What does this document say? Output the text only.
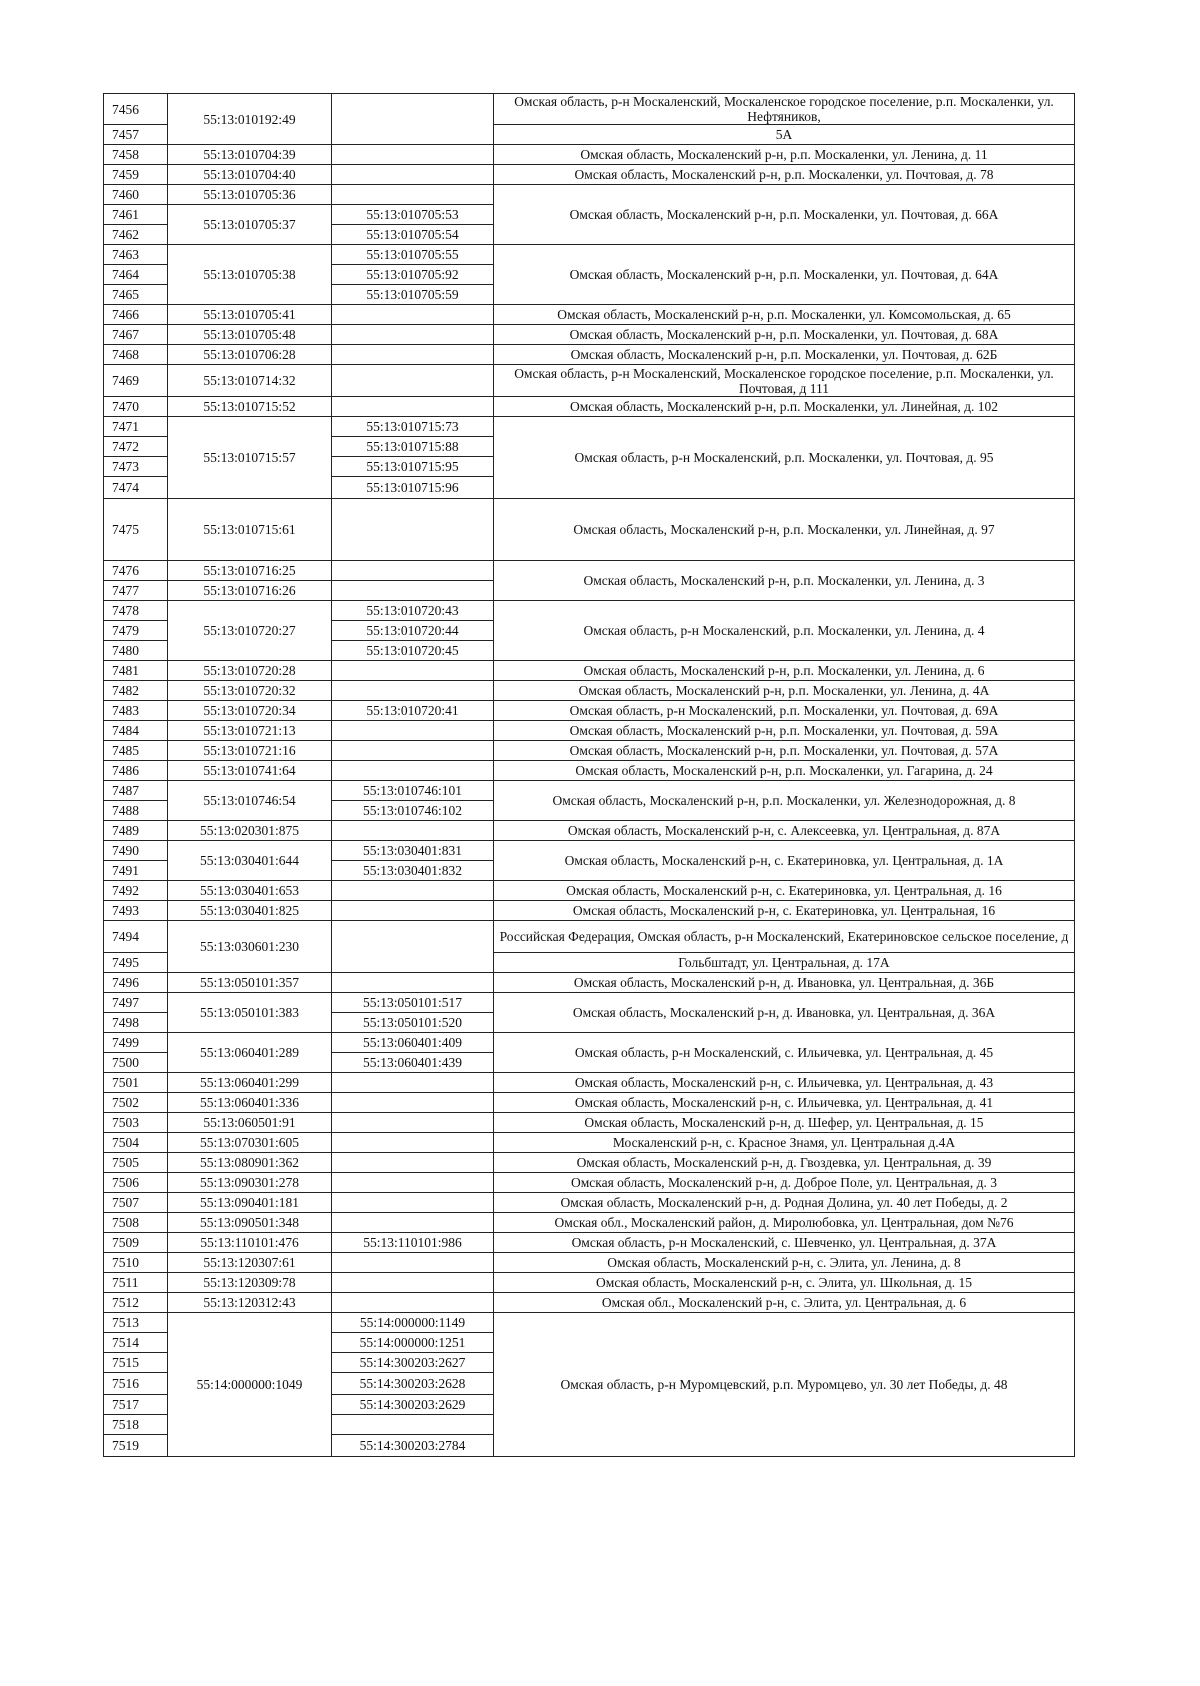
7456	55:13:010192:49		Омская область, р-н Москаленский, Москаленское городское поселение, р.п. Москаленки, ул. Нефтяников,
7457			5А
7458	55:13:010704:39		Омская область, Москаленский р-н, р.п. Москаленки, ул. Ленина, д. 11
7459	55:13:010704:40		Омская область, Москаленский р-н, р.п. Москаленки, ул. Почтовая, д. 78
7460	55:13:010705:36		Омская область, Москаленский р-н, р.п. Москаленки, ул. Почтовая, д. 66А
7461	55:13:010705:37	55:13:010705:53	
7462		55:13:010705:54	
7463	55:13:010705:38	55:13:010705:55	Омская область, Москаленский р-н, р.п. Москаленки, ул. Почтовая, д. 64А
7464		55:13:010705:92	
7465		55:13:010705:59	
7466	55:13:010705:41		Омская область, Москаленский р-н, р.п. Москаленки, ул. Комсомольская, д. 65
7467	55:13:010705:48		Омская область, Москаленский р-н, р.п. Москаленки, ул. Почтовая, д. 68А
7468	55:13:010706:28		Омская область, Москаленский р-н, р.п. Москаленки, ул. Почтовая, д. 62Б
7469	55:13:010714:32		Омская область, р-н Москаленский, Москаленское городское поселение, р.п. Москаленки, ул. Почтовая, д 111
7470	55:13:010715:52		Омская область, Москаленский р-н, р.п. Москаленки, ул. Линейная, д. 102
7471	55:13:010715:57	55:13:010715:73	Омская область, р-н Москаленский, р.п. Москаленки, ул. Почтовая, д. 95
7472		55:13:010715:88	
7473		55:13:010715:95	
7474		55:13:010715:96	
7475	55:13:010715:61		Омская область, Москаленский р-н, р.п. Москаленки, ул. Линейная, д. 97
7476	55:13:010716:25		Омская область, Москаленский р-н, р.п. Москаленки, ул. Ленина, д. 3
7477	55:13:010716:26		
7478	55:13:010720:27	55:13:010720:43	Омская область, р-н Москаленский, р.п. Москаленки, ул. Ленина, д. 4
7479		55:13:010720:44	
7480		55:13:010720:45	
7481	55:13:010720:28		Омская область, Москаленский р-н, р.п. Москаленки, ул. Ленина, д. 6
7482	55:13:010720:32		Омская область, Москаленский р-н, р.п. Москаленки, ул. Ленина, д. 4А
7483	55:13:010720:34	55:13:010720:41	Омская область, р-н Москаленский, р.п. Москаленки, ул. Почтовая, д. 69А
7484	55:13:010721:13		Омская область, Москаленский р-н, р.п. Москаленки, ул. Почтовая, д. 59А
7485	55:13:010721:16		Омская область, Москаленский р-н, р.п. Москаленки, ул. Почтовая, д. 57А
7486	55:13:010741:64		Омская область, Москаленский р-н, р.п. Москаленки, ул. Гагарина, д. 24
7487	55:13:010746:54	55:13:010746:101	Омская область, Москаленский р-н, р.п. Москаленки, ул. Железнодорожная, д. 8
7488		55:13:010746:102	
7489	55:13:020301:875		Омская область, Москаленский р-н, с. Алексеевка, ул. Центральная, д. 87А
7490	55:13:030401:644	55:13:030401:831	Омская область, Москаленский р-н, с. Екатериновка, ул. Центральная, д. 1А
7491		55:13:030401:832	
7492	55:13:030401:653		Омская область, Москаленский р-н, с. Екатериновка, ул. Центральная, д. 16
7493	55:13:030401:825		Омская область, Москаленский р-н, с. Екатериновка, ул. Центральная, 16
7494	55:13:030601:230		Российская Федерация, Омская область, р-н Москаленский, Екатериновское сельское поселение, д
7495			Гольбштадт, ул. Центральная, д. 17А
7496	55:13:050101:357		Омская область, Москаленский р-н, д. Ивановка, ул. Центральная, д. 36Б
7497	55:13:050101:383	55:13:050101:517	Омская область, Москаленский р-н, д. Ивановка, ул. Центральная, д. 36А
7498		55:13:050101:520	
7499	55:13:060401:289	55:13:060401:409	Омская область, р-н Москаленский, с. Ильичевка, ул. Центральная, д. 45
7500		55:13:060401:439	
7501	55:13:060401:299		Омская область, Москаленский р-н, с. Ильичевка, ул. Центральная, д. 43
7502	55:13:060401:336		Омская область, Москаленский р-н, с. Ильичевка, ул. Центральная, д. 41
7503	55:13:060501:91		Омская область, Москаленский р-н, д. Шефер, ул. Центральная, д. 15
7504	55:13:070301:605		Москаленский р-н, с. Красное Знамя, ул. Центральная д.4А
7505	55:13:080901:362		Омская область, Москаленский р-н, д. Гвоздевка, ул. Центральная, д. 39
7506	55:13:090301:278		Омская область, Москаленский р-н, д. Доброе Поле, ул. Центральная, д. 3
7507	55:13:090401:181		Омская область, Москаленский р-н, д. Родная Долина, ул. 40 лет Победы, д. 2
7508	55:13:090501:348		Омская обл., Москаленский район, д. Миролюбовка, ул. Центральная, дом №76
7509	55:13:110101:476	55:13:110101:986	Омская область, р-н Москаленский, с. Шевченко, ул. Центральная, д. 37А
7510	55:13:120307:61		Омская область, Москаленский р-н, с. Элита, ул. Ленина, д. 8
7511	55:13:120309:78		Омская область, Москаленский р-н, с. Элита, ул. Школьная, д. 15
7512	55:13:120312:43		Омская обл., Москаленский р-н, с. Элита, ул. Центральная, д. 6
7513	55:14:000000:1049	55:14:000000:1149	Омская область, р-н Муромцевский, р.п. Муромцево, ул. 30 лет Победы, д. 48
7514		55:14:000000:1251	
7515		55:14:300203:2627	
7516		55:14:300203:2628	
7517		55:14:300203:2629	
7518			
7519		55:14:300203:2784	
